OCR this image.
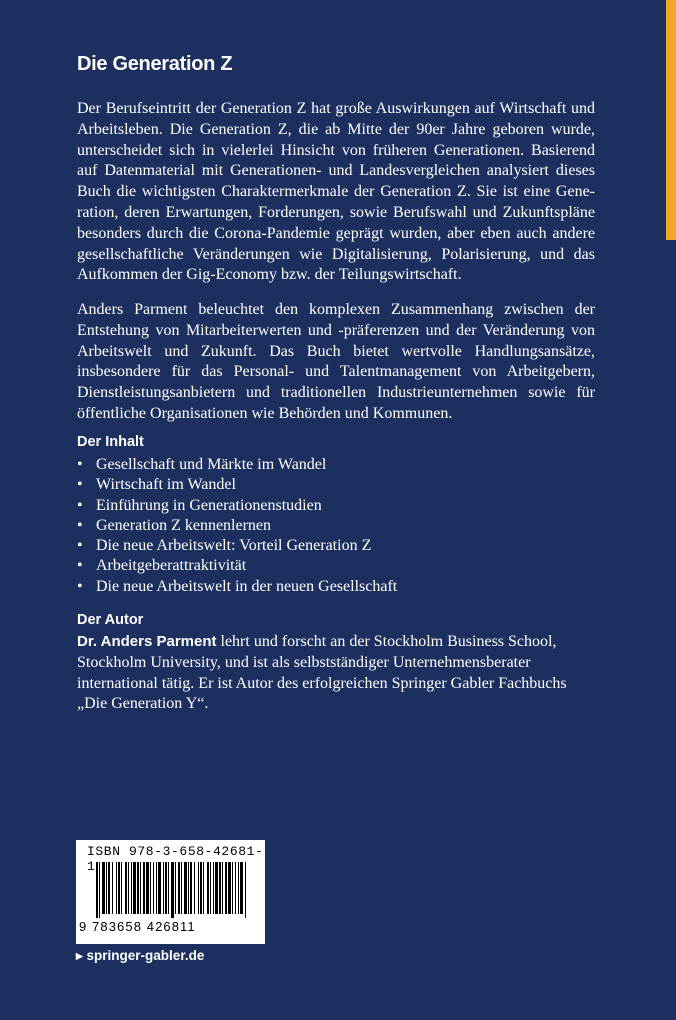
Die Generation Z
Der Berufseintritt der Generation Z hat große Auswirkungen auf Wirtschaft und Arbeitsleben. Die Generation Z, die ab Mitte der 90er Jahre geboren wurde, unterscheidet sich in vielerlei Hinsicht von früheren Generationen. Basierend auf Datenmaterial mit Generationen- und Landesvergleichen analysiert dieses Buch die wichtigsten Charaktermerkmale der Generation Z. Sie ist eine Generation, deren Erwartungen, Forderungen, sowie Berufswahl und Zukunftspläne besonders durch die Corona-Pandemie geprägt wurden, aber eben auch andere gesellschaftliche Veränderungen wie Digitalisierung, Polarisierung, und das Aufkommen der Gig-Economy bzw. der Teilungswirtschaft.
Anders Parment beleuchtet den komplexen Zusammenhang zwischen der Entstehung von Mitarbeiterwerten und -präferenzen und der Veränderung von Arbeitswelt und Zukunft. Das Buch bietet wertvolle Handlungsansätze, insbesondere für das Personal- und Talentmanagement von Arbeitgebern, Dienstleistungsanbietern und traditionellen Industrieunternehmen sowie für öffentliche Organisationen wie Behörden und Kommunen.
Der Inhalt
• Gesellschaft und Märkte im Wandel
• Wirtschaft im Wandel
• Einführung in Generationenstudien
• Generation Z kennenlernen
• Die neue Arbeitswelt: Vorteil Generation Z
• Arbeitgeberattraktivität
• Die neue Arbeitswelt in der neuen Gesellschaft
Der Autor
Dr. Anders Parment lehrt und forscht an der Stockholm Business School, Stockholm University, und ist als selbstständiger Unternehmensberater international tätig. Er ist Autor des erfolgreichen Springer Gabler Fachbuchs „Die Generation Y“.
ISBN 978-3-658-42681-1
9 783658 426811
▸ springer-gabler.de
